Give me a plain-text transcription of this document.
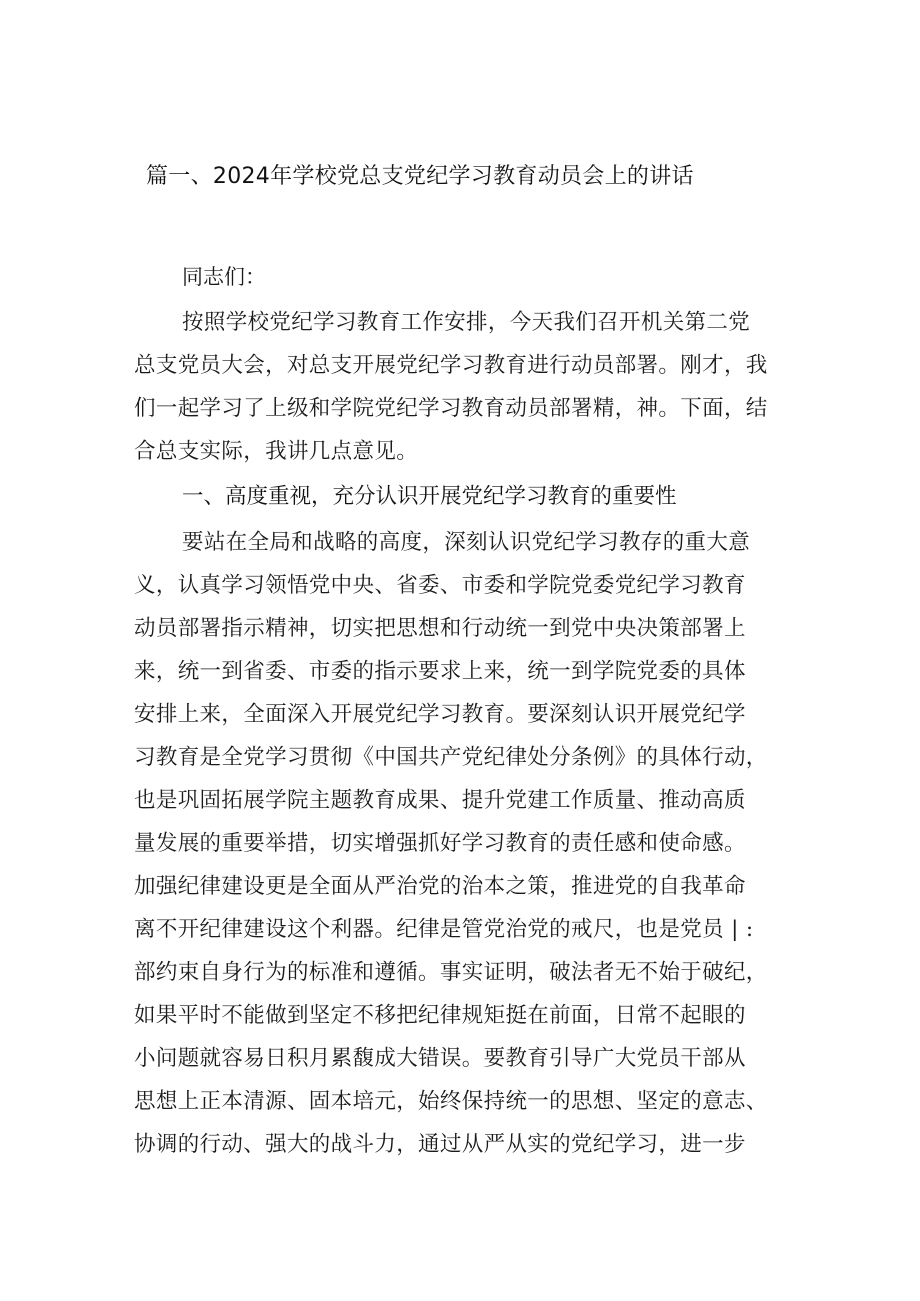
篇一、2024年学校党总支党纪学习教育动员会上的讲话
同志们：
按照学校党纪学习教育工作安排，今天我们召开机关第二党
总支党员大会，对总支开展党纪学习教育进行动员部署。刚才，我
们一起学习了上级和学院党纪学习教育动员部署精，神。下面，结
合总支实际，我讲几点意见。
一、高度重视，充分认识开展党纪学习教育的重要性
要站在全局和战略的高度，深刻认识党纪学习教存的重大意
义，认真学习领悟党中央、省委、市委和学院党委党纪学习教育
动员部署指示精神，切实把思想和行动统一到党中央决策部署上
来，统一到省委、市委的指示要求上来，统一到学院党委的具体
安排上来，全面深入开展党纪学习教育。要深刻认识开展党纪学
习教育是全党学习贯彻《中国共产党纪律处分条例》的具体行动，
也是巩固拓展学院主题教育成果、提升党建工作质量、推动高质
量发展的重要举措，切实增强抓好学习教育的责任感和使命感。
加强纪律建设更是全面从严治党的治本之策，推进党的自我革命
离不开纪律建设这个利器。纪律是管党治党的戒尺，也是党员 | :
部约束自身行为的标准和遵循。事实证明，破法者无不始于破纪，
如果平时不能做到坚定不移把纪律规矩挺在前面，日常不起眼的
小问题就容易日积月累馥成大错误。要教育引导广大党员干部从
思想上正本清源、固本培元，始终保持统一的思想、坚定的意志、
协调的行动、强大的战斗力，通过从严从实的党纪学习，进一步
